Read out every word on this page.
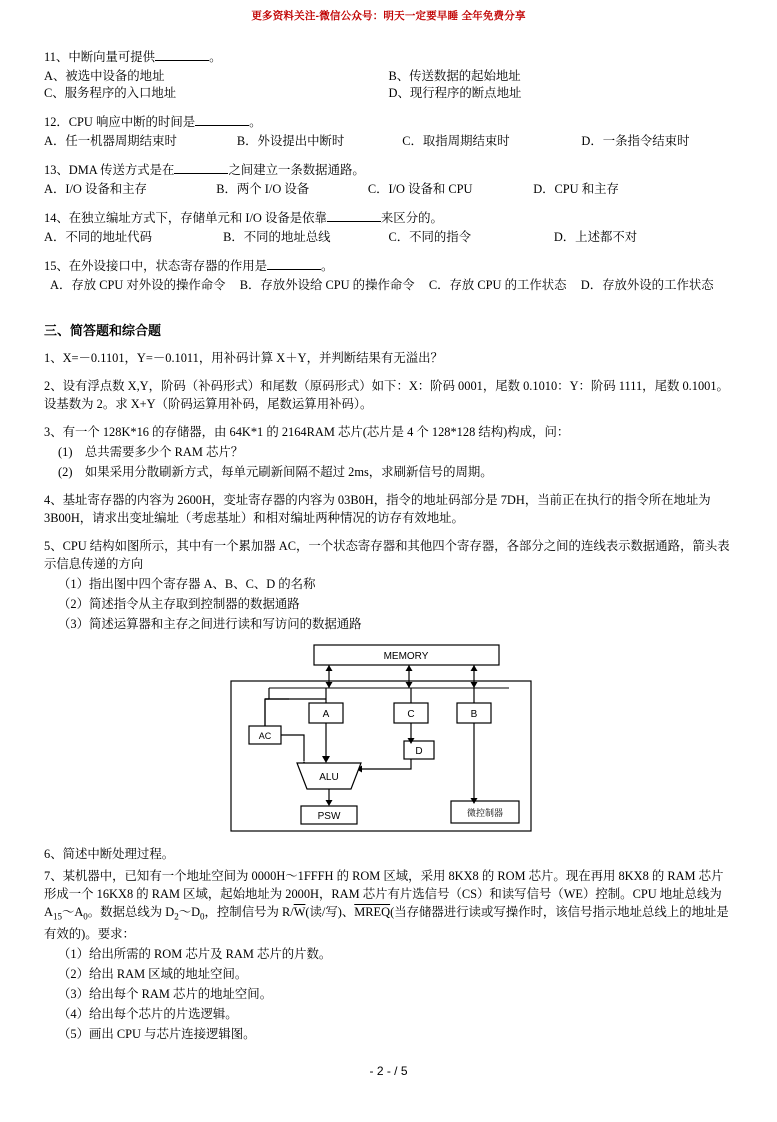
更多资料关注-微信公众号：明天一定要早睡 全年免费分享
11、中断向量可提供	。
A、被选中设备的地址	B、传送数据的起始地址
C、服务程序的入口地址	D、现行程序的断点地址
12．CPU 响应中断的时间是	。
A．任一机器周期结束时	B．外设提出中断时	C．取指周期结束时	D．一条指令结束时
13、DMA 传送方式是在	之间建立一条数据通路。
A．I/O 设备和主存	B．两个 I/O 设备	C．I/O 设备和 CPU	D．CPU 和主存
14、在独立编址方式下，存储单元和 I/O 设备是依靠	来区分的。
A．不同的地址代码	B．不同的地址总线	C．不同的指令	D．上述都不对
15、在外设接口中，状态寄存器的作用是	。
A．存放 CPU 对外设的操作命令 B．存放外设给 CPU 的操作命令 C．存放 CPU 的工作状态 D．存放外设的工作状态
三、简答题和综合题
1、X=－0.1101，Y=－0.1011，用补码计算 X＋Y，并判断结果有无溢出？
2、设有浮点数 X,Y，阶码（补码形式）和尾数（原码形式）如下：X：阶码 0001，尾数 0.1010：Y：阶码 1111，尾数 0.1001。设基数为 2。求 X+Y（阶码运算用补码，尾数运算用补码）。
3、有一个 128K*16 的存储器，由 64K*1 的 2164RAM 芯片(芯片是 4 个 128*128 结构)构成，问：
(1)　总共需要多少个 RAM 芯片？
(2)　如果采用分散刷新方式，每单元刷新间隔不超过 2ms，求刷新信号的周期。
4、基址寄存器的内容为 2600H，变址寄存器的内容为 03B0H，指令的地址码部分是 7DH，当前正在执行的指令所在地址为 3B00H，请求出变址编址（考虑基址）和相对编址两种情况的访存有效地址。
5、CPU 结构如图所示，其中有一个累加器 AC，一个状态寄存器和其他四个寄存器，各部分之间的连线表示数据通路，箭头表示信息传递的方向
（1）指出图中四个寄存器 A、B、C、D 的名称
（2）简述指令从主存取到控制器的数据通路
（3）简述运算器和主存之间进行读和写访问的数据通路
MEMORY
A	C	B
D
AC
ALU
PSW	微控制器
6、简述中断处理过程。
7、某机器中，已知有一个地址空间为 0000H～1FFFH 的 ROM 区域，采用 8KX8 的 ROM 芯片。现在再用 8KX8 的 RAM 芯片形成一个 16KX8 的 RAM 区域，起始地址为 2000H，RAM 芯片有片选信号（CS）和读写信号（WE）控制。CPU 地址总线为 $A_{15}\sim A_0$。数据总线为 $D_2\sim D_0$，控制信号为 $R/\overline{W}$(读/写)、MREQ(当存储器进行读或写操作时，该信号指示地址总线上的地址是有效的)。要求：
（1）给出所需的 ROM 芯片及 RAM 芯片的片数。
（2）给出 RAM 区域的地址空间。
（3）给出每个 RAM 芯片的地址空间。
（4）给出每个芯片的片选逻辑。
（5）画出 CPU 与芯片连接逻辑图。
- 2 - / 5
